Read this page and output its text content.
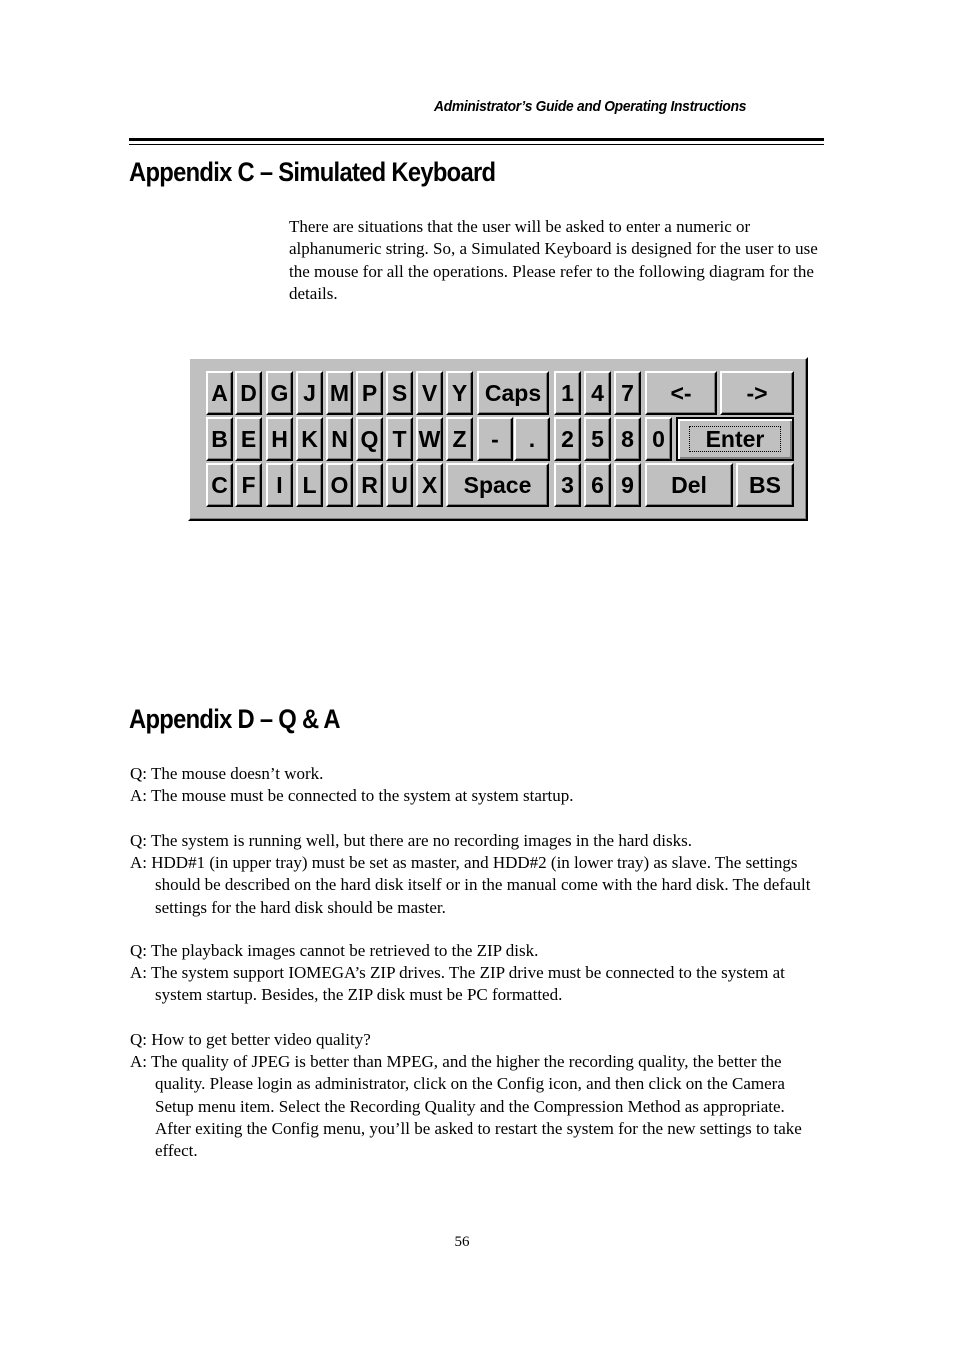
Administrator’s Guide and Operating Instructions
Appendix C – Simulated Keyboard

There are situations that the user will be asked to enter a numeric or alphanumeric string. So, a Simulated Keyboard is designed for the user to use the mouse for all the operations. Please refer to the following diagram for the details.

A D G J M P S V Y Caps 1 4 7	<-	->
B E H K N Q T W Z	-	.	2 5 8 0	Enter
C F I L O R U X	Space	3 6 9	Del	BS
Appendix D – Q & A

Q: The mouse doesn’t work.

A: The mouse must be connected to the system at system startup.

Q: The system is running well, but there are no recording images in the hard disks.

A: HDD#1 (in upper tray) must be set as master, and HDD#2 (in lower tray) as slave. The settings should be described on the hard disk itself or in the manual come with the hard disk. The default settings for the hard disk should be master.

Q: The playback images cannot be retrieved to the ZIP disk.

A: The system support IOMEGA’s ZIP drives. The ZIP drive must be connected to the system at system startup. Besides, the ZIP disk must be PC formatted.

Q: How to get better video quality?

A: The quality of JPEG is better than MPEG, and the higher the recording quality, the better the quality. Please login as administrator, click on the Config icon, and then click on the Camera Setup menu item. Select the Recording Quality and the Compression Method as appropriate. After exiting the Config menu, you’ll be asked to restart the system for the new settings to take effect.

56
